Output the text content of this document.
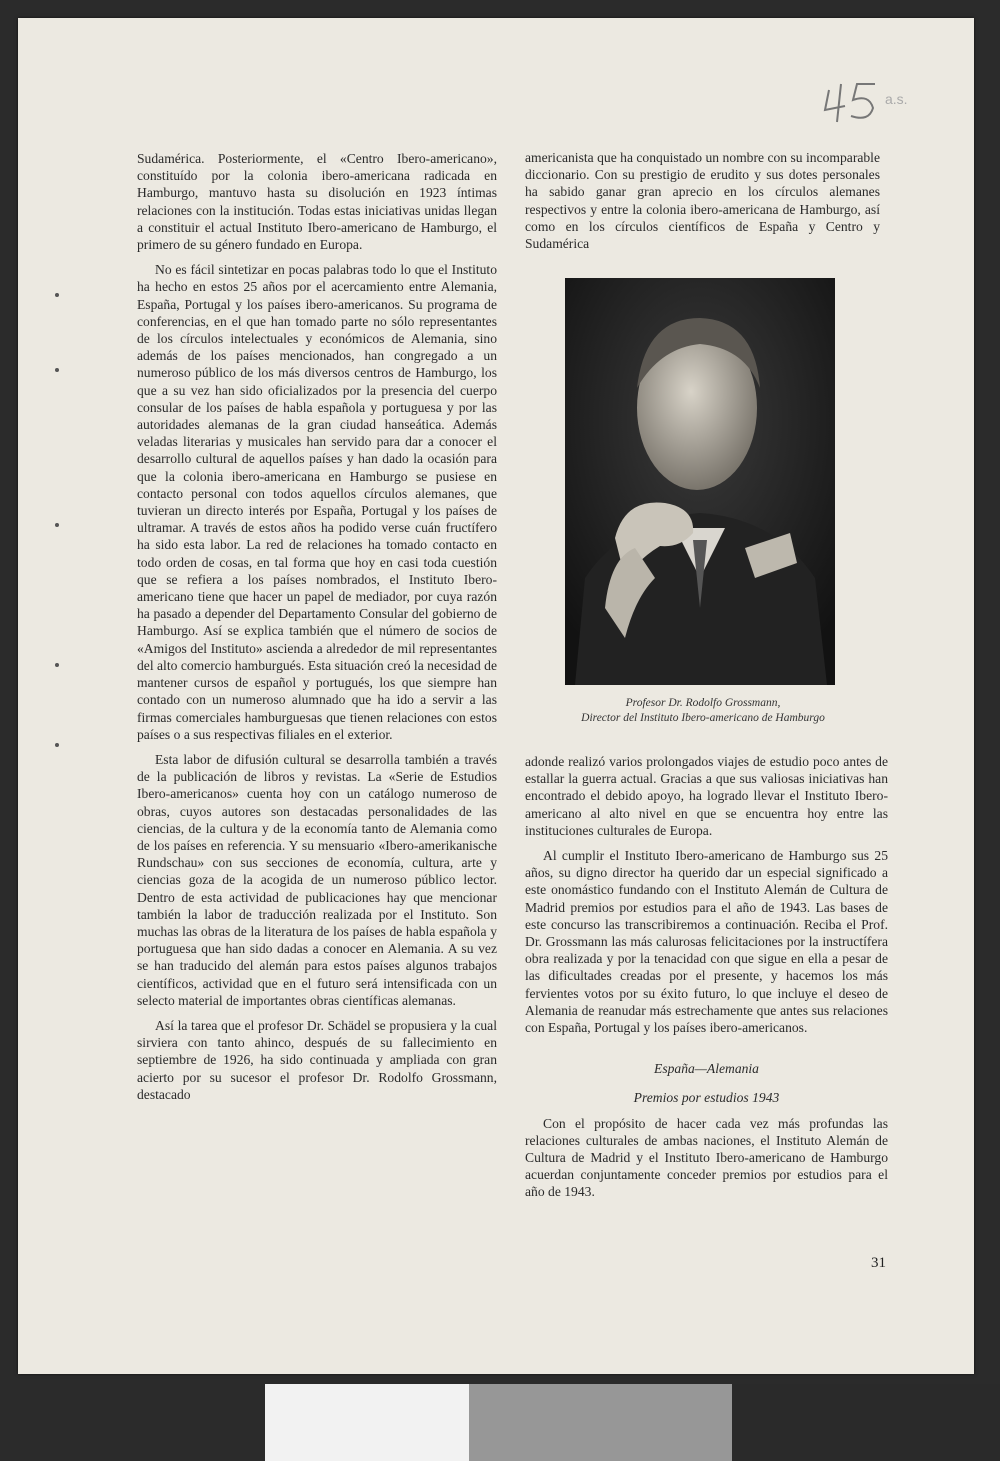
a.s.

Sudamérica. Posteriormente, el «Centro Ibero-americano», constituído por la colonia ibero-americana radicada en Hamburgo, mantuvo hasta su disolución en 1923 íntimas relaciones con la institución. Todas estas iniciativas unidas llegan a constituir el actual Instituto Ibero-americano de Hamburgo, el primero de su género fundado en Europa.

No es fácil sintetizar en pocas palabras todo lo que el Instituto ha hecho en estos 25 años por el acercamiento entre Alemania, España, Portugal y los países ibero-americanos. Su programa de conferencias, en el que han tomado parte no sólo representantes de los círculos intelectuales y económicos de Alemania, sino además de los países mencionados, han congregado a un numeroso público de los más diversos centros de Hamburgo, los que a su vez han sido oficializados por la presencia del cuerpo consular de los países de habla española y portuguesa y por las autoridades alemanas de la gran ciudad hanseática. Además veladas literarias y musicales han servido para dar a conocer el desarrollo cultural de aquellos países y han dado la ocasión para que la colonia ibero-americana en Hamburgo se pusiese en contacto personal con todos aquellos círculos alemanes, que tuvieran un directo interés por España, Portugal y los países de ultramar. A través de estos años ha podido verse cuán fructífero ha sido esta labor. La red de relaciones ha tomado contacto en todo orden de cosas, en tal forma que hoy en casi toda cuestión que se refiera a los países nombrados, el Instituto Ibero-americano tiene que hacer un papel de mediador, por cuya razón ha pasado a depender del Departamento Consular del gobierno de Hamburgo. Así se explica también que el número de socios de «Amigos del Instituto» ascienda a alrededor de mil representantes del alto comercio hamburgués. Esta situación creó la necesidad de mantener cursos de español y portugués, los que siempre han contado con un numeroso alumnado que ha ido a servir a las firmas comerciales hamburguesas que tienen relaciones con estos países o a sus respectivas filiales en el exterior.

Esta labor de difusión cultural se desarrolla también a través de la publicación de libros y revistas. La «Serie de Estudios Ibero-americanos» cuenta hoy con un catálogo numeroso de obras, cuyos autores son destacadas personalidades de las ciencias, de la cultura y de la economía tanto de Alemania como de los países en referencia. Y su mensuario «Ibero-amerikanische Rundschau» con sus secciones de economía, cultura, arte y ciencias goza de la acogida de un numeroso público lector. Dentro de esta actividad de publicaciones hay que mencionar también la labor de traducción realizada por el Instituto. Son muchas las obras de la literatura de los países de habla española y portuguesa que han sido dadas a conocer en Alemania. A su vez se han traducido del alemán para estos países algunos trabajos científicos, actividad que en el futuro será intensificada con un selecto material de importantes obras científicas alemanas.

Así la tarea que el profesor Dr. Schädel se propusiera y la cual sirviera con tanto ahinco, después de su fallecimiento en septiembre de 1926, ha sido continuada y ampliada con gran acierto por su sucesor el profesor Dr. Rodolfo Grossmann, destacado

americanista que ha conquistado un nombre con su incomparable diccionario. Con su prestigio de erudito y sus dotes personales ha sabido ganar gran aprecio en los círculos alemanes respectivos y entre la colonia ibero-americana de Hamburgo, así como en los círculos científicos de España y Centro y Sudamérica

Profesor Dr. Rodolfo Grossmann,
Director del Instituto Ibero-americano de Hamburgo

adonde realizó varios prolongados viajes de estudio poco antes de estallar la guerra actual. Gracias a que sus valiosas iniciativas han encontrado el debido apoyo, ha logrado llevar el Instituto Ibero-americano al alto nivel en que se encuentra hoy entre las instituciones culturales de Europa.

Al cumplir el Instituto Ibero-americano de Hamburgo sus 25 años, su digno director ha querido dar un especial significado a este onomástico fundando con el Instituto Alemán de Cultura de Madrid premios por estudios para el año de 1943. Las bases de este concurso las transcribiremos a continuación. Reciba el Prof. Dr. Grossmann las más calurosas felicitaciones por la instructífera obra realizada y por la tenacidad con que sigue en ella a pesar de las dificultades creadas por el presente, y hacemos los más fervientes votos por su éxito futuro, lo que incluye el deseo de Alemania de reanudar más estrechamente que antes sus relaciones con España, Portugal y los países ibero-americanos.

España—Alemania

Premios por estudios 1943

Con el propósito de hacer cada vez más profundas las relaciones culturales de ambas naciones, el Instituto Alemán de Cultura de Madrid y el Instituto Ibero-americano de Hamburgo acuerdan conjuntamente conceder premios por estudios para el año de 1943.

31
